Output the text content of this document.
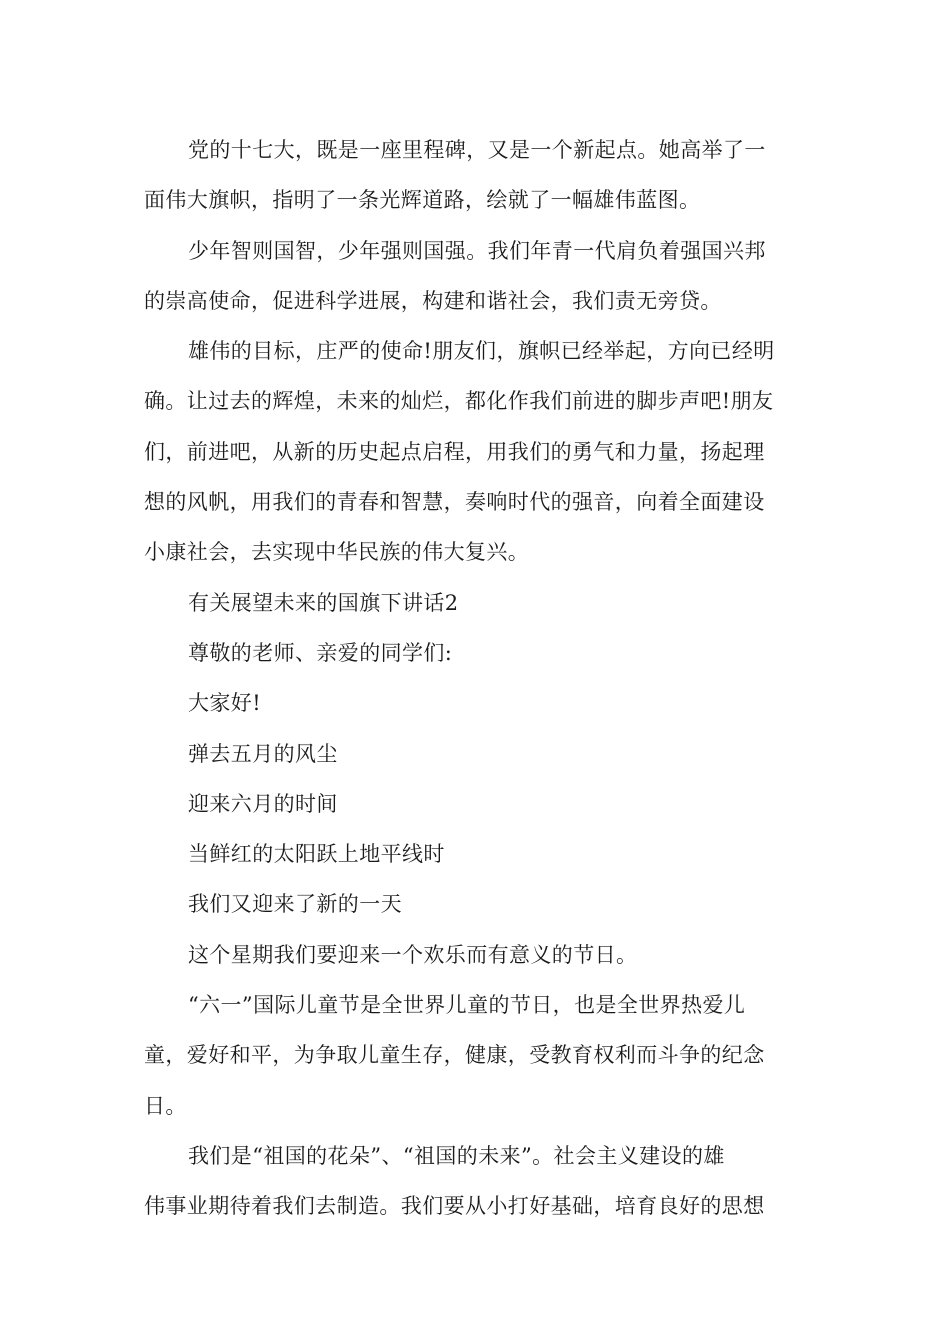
党的十七大，既是一座里程碑，又是一个新起点。她高举了一
面伟大旗帜，指明了一条光辉道路，绘就了一幅雄伟蓝图。

少年智则国智，少年强则国强。我们年青一代肩负着强国兴邦
的崇高使命，促进科学进展，构建和谐社会，我们责无旁贷。

雄伟的目标，庄严的使命!朋友们，旗帜已经举起，方向已经明
确。让过去的辉煌，未来的灿烂，都化作我们前进的脚步声吧!朋友
们，前进吧，从新的历史起点启程，用我们的勇气和力量，扬起理
想的风帆，用我们的青春和智慧，奏响时代的强音，向着全面建设
小康社会，去实现中华民族的伟大复兴。

有关展望未来的国旗下讲话2

尊敬的老师、亲爱的同学们:

大家好!

弹去五月的风尘

迎来六月的时间

当鲜红的太阳跃上地平线时

我们又迎来了新的一天

这个星期我们要迎来一个欢乐而有意义的节日。

“六一”国际儿童节是全世界儿童的节日，也是全世界热爱儿
童，爱好和平，为争取儿童生存，健康，受教育权利而斗争的纪念
日。

我们是“祖国的花朵”、“祖国的未来”。社会主义建设的雄
伟事业期待着我们去制造。我们要从小打好基础，培育良好的思想
